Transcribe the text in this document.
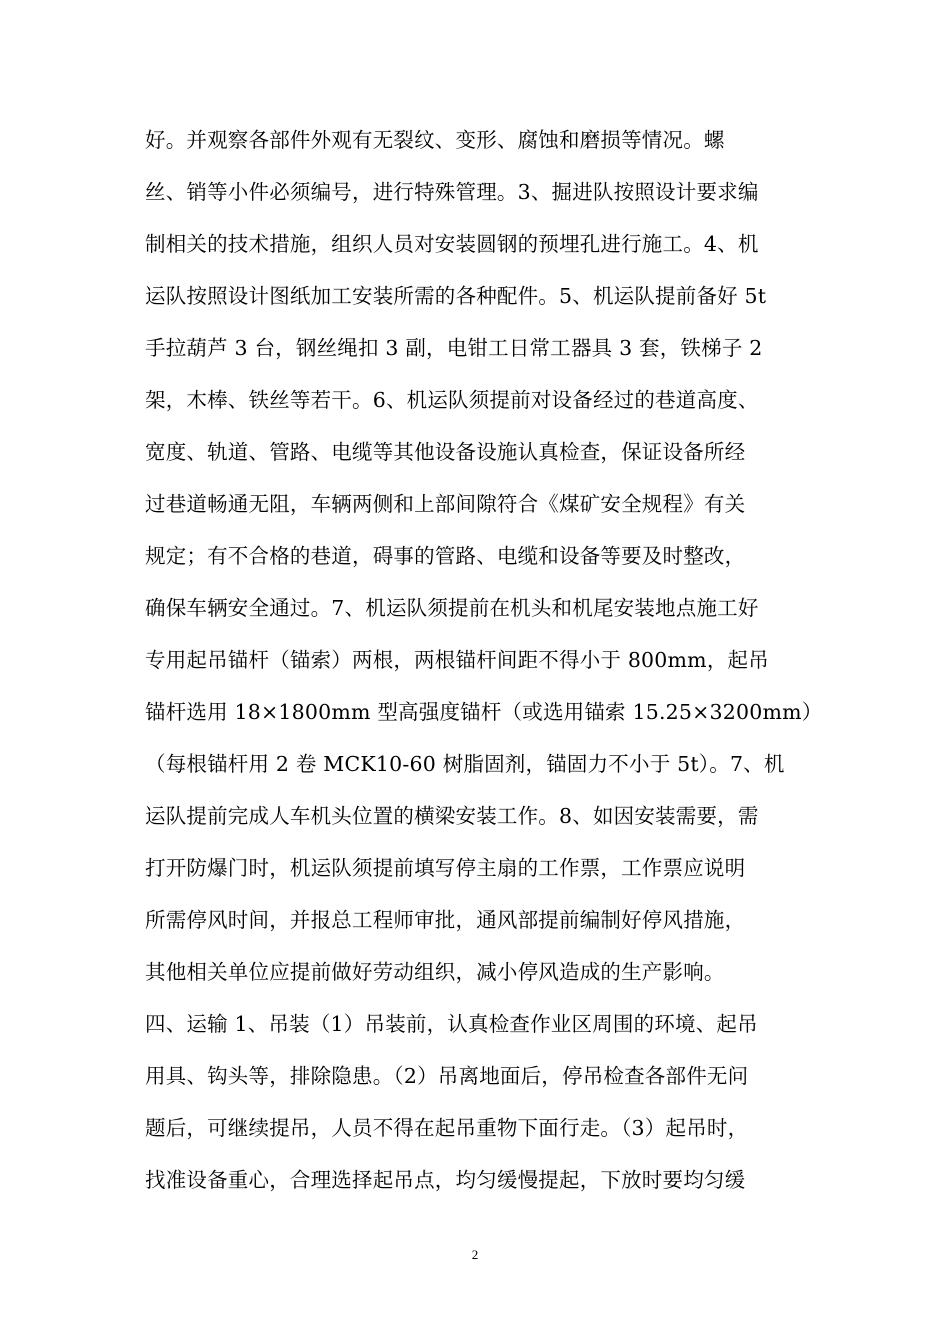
好。并观察各部件外观有无裂纹、变形、腐蚀和磨损等情况。螺
丝、销等小件必须编号，进行特殊管理。3、掘进队按照设计要求编
制相关的技术措施，组织人员对安装圆钢的预埋孔进行施工。4、机
运队按照设计图纸加工安装所需的各种配件。5、机运队提前备好 5t
手拉葫芦 3 台，钢丝绳扣 3 副，电钳工日常工器具 3 套，铁梯子 2
架，木棒、铁丝等若干。6、机运队须提前对设备经过的巷道高度、
宽度、轨道、管路、电缆等其他设备设施认真检查，保证设备所经
过巷道畅通无阻，车辆两侧和上部间隙符合《煤矿安全规程》有关
规定；有不合格的巷道，碍事的管路、电缆和设备等要及时整改，
确保车辆安全通过。7、机运队须提前在机头和机尾安装地点施工好
专用起吊锚杆（锚索）两根，两根锚杆间距不得小于 800mm，起吊
锚杆选用 18×1800mm 型高强度锚杆（或选用锚索 15.25×3200mm）
（每根锚杆用 2 卷 MCK10-60 树脂固剂，锚固力不小于 5t）。7、机
运队提前完成人车机头位置的横梁安装工作。8、如因安装需要，需
打开防爆门时，机运队须提前填写停主扇的工作票，工作票应说明
所需停风时间，并报总工程师审批，通风部提前编制好停风措施，
其他相关单位应提前做好劳动组织，减小停风造成的生产影响。
四、运输 1、吊装（1）吊装前，认真检查作业区周围的环境、起吊
用具、钩头等，排除隐患。（2）吊离地面后，停吊检查各部件无问
题后，可继续提吊，人员不得在起吊重物下面行走。（3）起吊时，
找准设备重心，合理选择起吊点，均匀缓慢提起，下放时要均匀缓
2
